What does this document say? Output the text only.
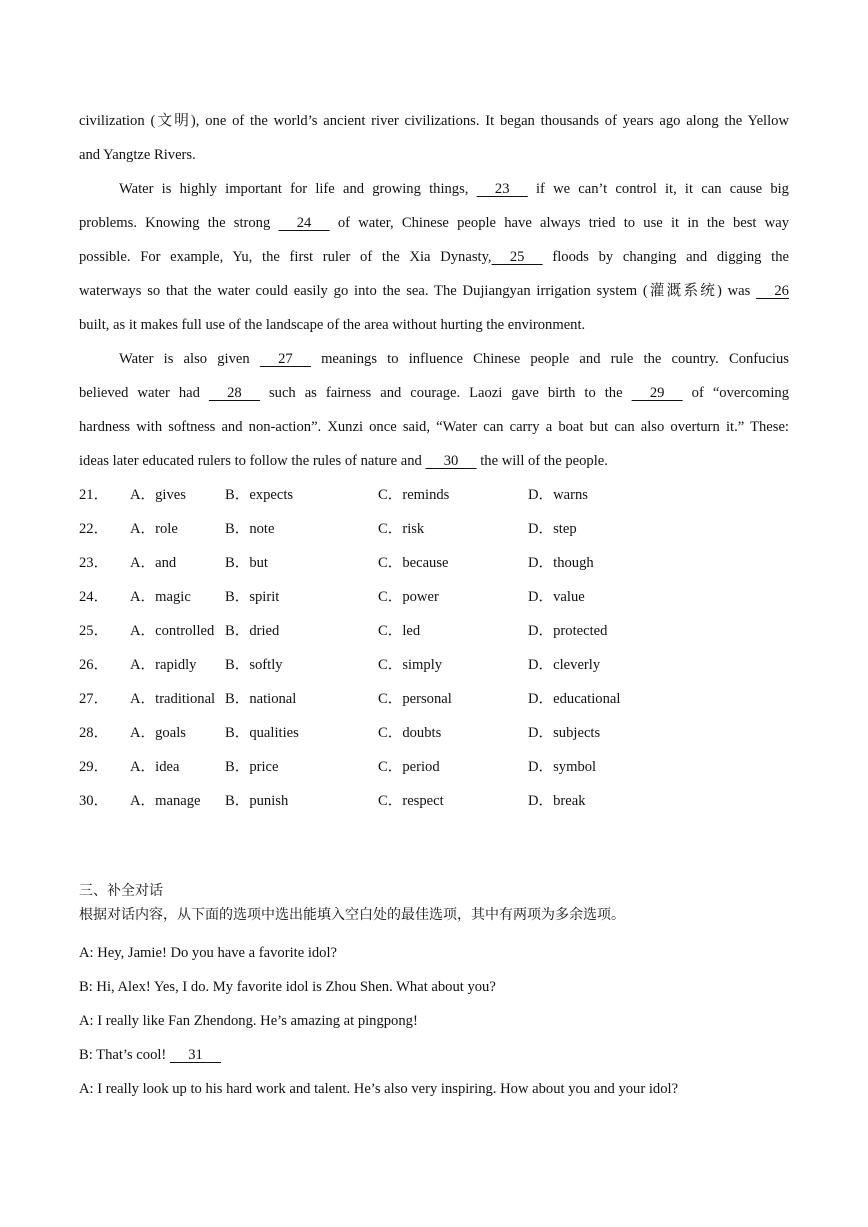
civilization (文明), one of the world’s ancient river civilizations. It began thousands of years ago along the Yellow
and Yangtze Rivers.
Water is highly important for life and growing things,      23      if we can’t control it, it can cause big
problems. Knowing the strong      24      of water, Chinese people have always tried to use it in the best way
possible. For example, Yu, the first ruler of the Xia Dynasty,     25      floods by changing and digging the
waterways so that the water could easily go into the sea. The Dujiangyan irrigation system (灌溉系统) was      26
built, as it makes full use of the landscape of the area without hurting the environment.
Water is also given      27      meanings to influence Chinese people and rule the country. Confucius
believed water had      28      such as fairness and courage. Laozi gave birth to the      29      of “overcoming
hardness with softness and non-action”. Xunzi once said, “Water can carry a boat but can also overturn it.” These:
ideas later educated rulers to follow the rules of nature and      30      the will of the people.
21．	A．gives	B．expects	C．reminds	D．warns
22．	A．role	B．note	C．risk	D．step
23．	A．and	B．but	C．because	D．though
24．	A．magic	B．spirit	C．power	D．value
25．	A．controlled B．dried	C．led	D．protected
26．	A．rapidly	B．softly	C．simply	D．cleverly
27．	A．traditional B．national	C．personal	D．educational
28．	A．goals	B．qualities	C．doubts	D．subjects
29．	A．idea	B．price	C．period	D．symbol
30．	A．manage	B．punish	C．respect	D．break
三、补全对话
根据对话内容，从下面的选项中选出能填入空白处的最佳选项，其中有两项为多余选项。
A: Hey, Jamie! Do you have a favorite idol?
B: Hi, Alex! Yes, I do. My favorite idol is Zhou Shen. What about you?
A: I really like Fan Zhendong. He’s amazing at pingpong!
B: That’s cool!      31
A: I really look up to his hard work and talent. He’s also very inspiring. How about you and your idol?
